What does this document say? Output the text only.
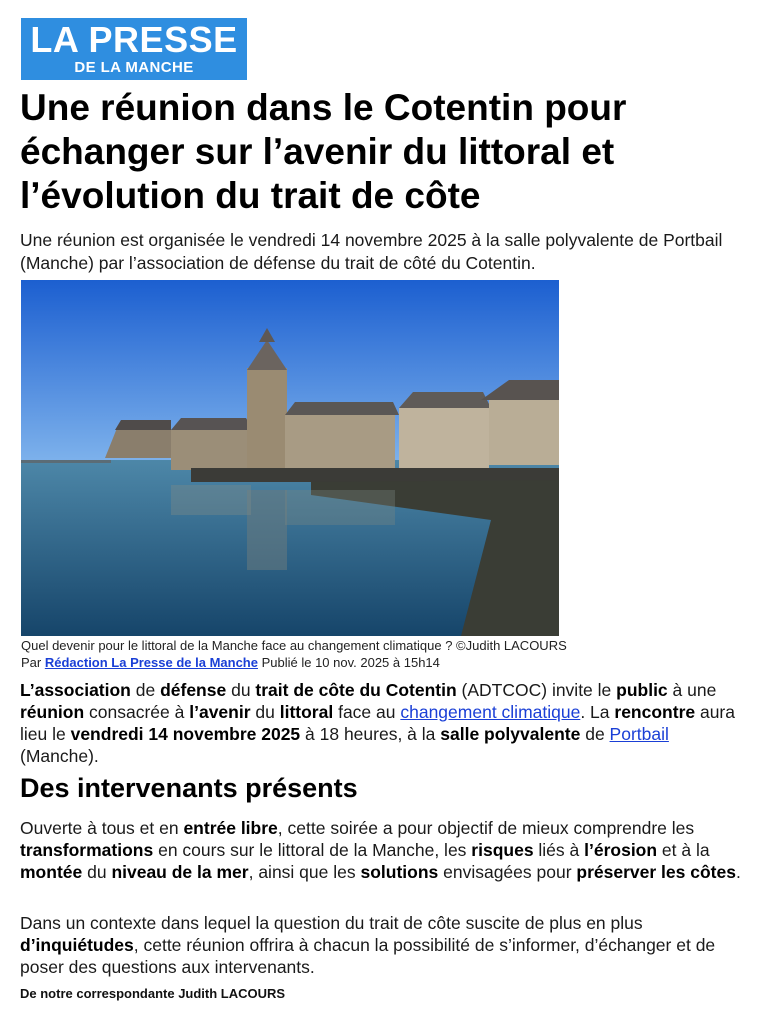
LA PRESSE
DE LA MANCHE
Une réunion dans le Cotentin pour échanger sur l’avenir du littoral et l’évolution du trait de côte

Une réunion est organisée le vendredi 14 novembre 2025 à la salle polyvalente de Portbail (Manche) par l’association de défense du trait de côté du Cotentin.

Quel devenir pour le littoral de la Manche face au changement climatique ? ©Judith LACOURS
Par Rédaction La Presse de la Manche Publié le 10 nov. 2025 à 15h14

L’association de défense du trait de côte du Cotentin (ADTCOC) invite le public à une réunion consacrée à l’avenir du littoral face au changement climatique. La rencontre aura lieu le vendredi 14 novembre 2025 à 18 heures, à la salle polyvalente de Portbail (Manche).

Des intervenants présents

Ouverte à tous et en entrée libre, cette soirée a pour objectif de mieux comprendre les transformations en cours sur le littoral de la Manche, les risques liés à l’érosion et à la montée du niveau de la mer, ainsi que les solutions envisagées pour préserver les côtes.

Dans un contexte dans lequel la question du trait de côte suscite de plus en plus d’inquiétudes, cette réunion offrira à chacun la possibilité de s’informer, d’échanger et de poser des questions aux intervenants.

De notre correspondante Judith LACOURS
